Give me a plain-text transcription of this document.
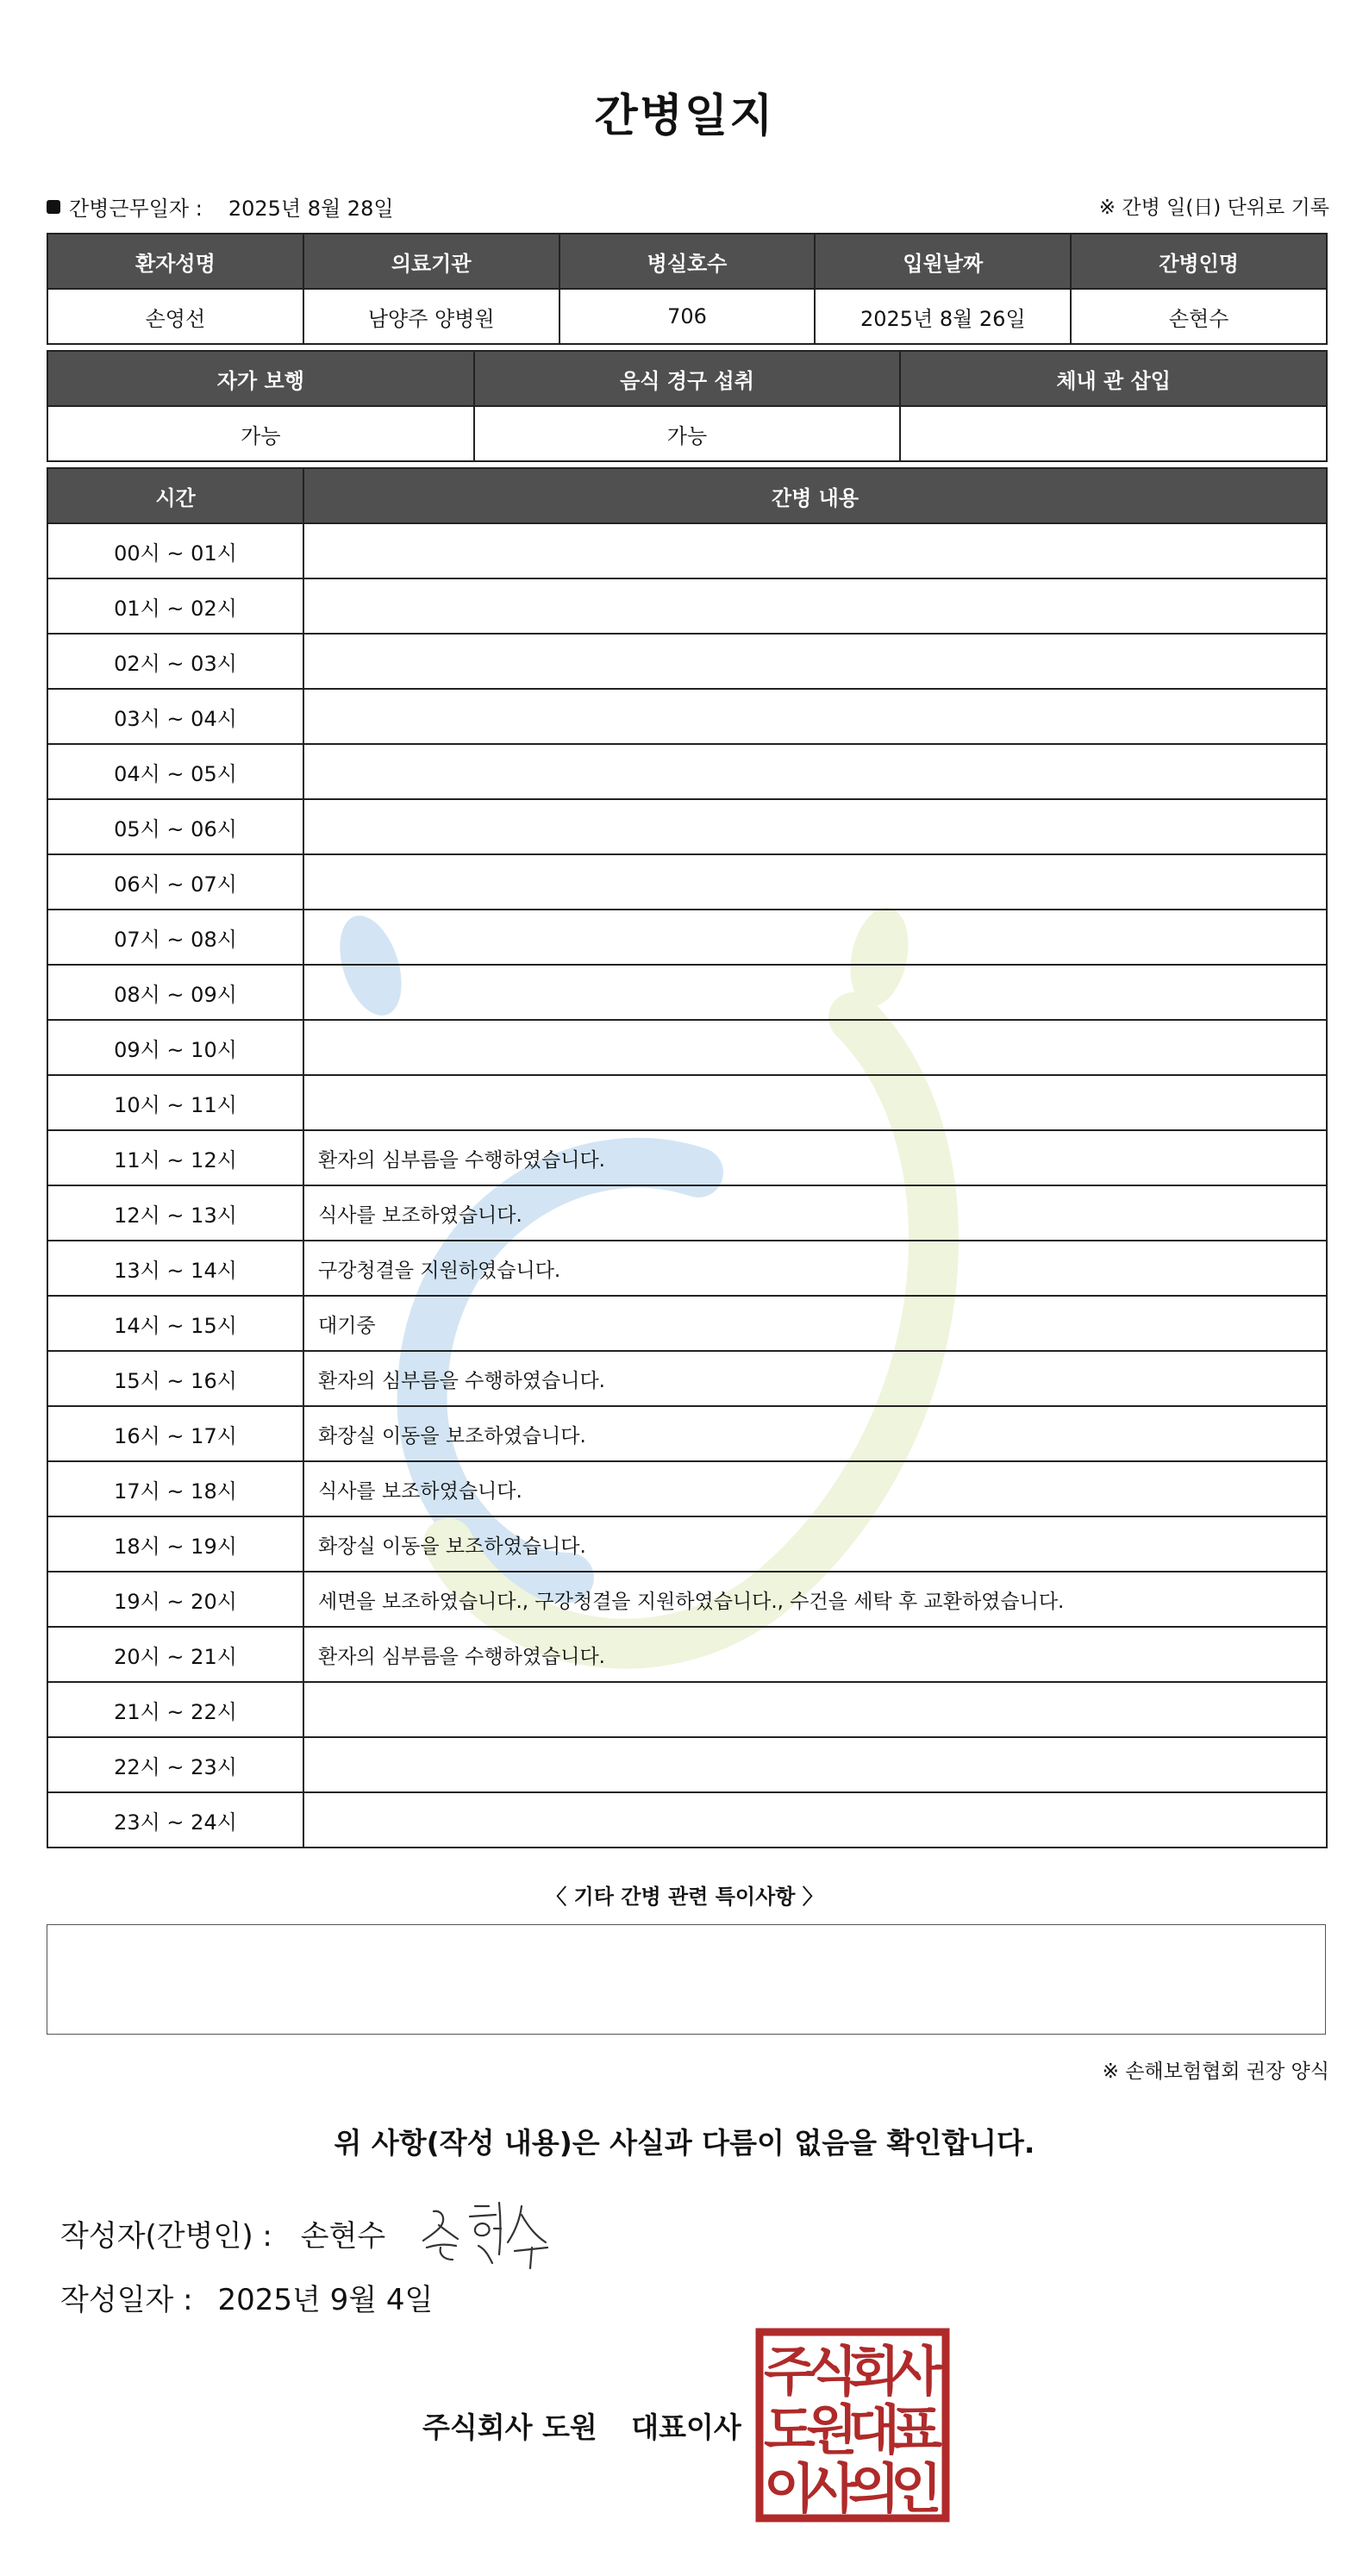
간병일지
간병근무일자 : 2025년 8월 28일	※ 간병 일(日) 단위로 기록
환자성명	의료기관	병실호수	입원날짜	간병인명
손영선	남양주 양병원	706	2025년 8월 26일	손현수
자가 보행	음식 경구 섭취	체내 관 삽입
가능	가능	
시간	간병 내용
00시 ~ 01시	
01시 ~ 02시	
02시 ~ 03시	
03시 ~ 04시	
04시 ~ 05시	
05시 ~ 06시	
06시 ~ 07시	
07시 ~ 08시	
08시 ~ 09시	
09시 ~ 10시	
10시 ~ 11시	
11시 ~ 12시	환자의 심부름을 수행하였습니다.
12시 ~ 13시	식사를 보조하였습니다.
13시 ~ 14시	구강청결을 지원하였습니다.
14시 ~ 15시	대기중
15시 ~ 16시	환자의 심부름을 수행하였습니다.
16시 ~ 17시	화장실 이동을 보조하였습니다.
17시 ~ 18시	식사를 보조하였습니다.
18시 ~ 19시	화장실 이동을 보조하였습니다.
19시 ~ 20시	세면을 보조하였습니다., 구강청결을 지원하였습니다., 수건을 세탁 후 교환하였습니다.
20시 ~ 21시	환자의 심부름을 수행하였습니다.
21시 ~ 22시	
22시 ~ 23시	
23시 ~ 24시	
〈 기타 간병 관련 특이사항 〉
※ 손해보험협회 권장 양식
위 사항(작성 내용)은 사실과 다름이 없음을 확인합니다.
작성자(간병인) : 손현수
작성일자 : 2025년 9월 4일
주식회사 도원 대표이사
주
식
회
사
도
원
대
표
이
사
의
인
